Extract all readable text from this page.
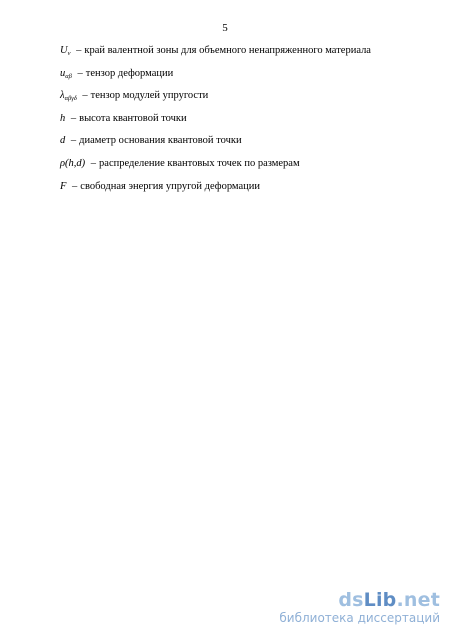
5
$U_v$ – край валентной зоны для объемного ненапряженного материала
$u_{\alpha\beta}$ – тензор деформации
$\lambda_{\alpha\beta\gamma\delta}$ – тензор модулей упругости
h – высота квантовой точки
d – диаметр основания квантовой точки
ρ(h,d) – распределение квантовых точек по размерам
F – свободная энергия упругой деформации
dsLib.net
библиотека диссертаций
